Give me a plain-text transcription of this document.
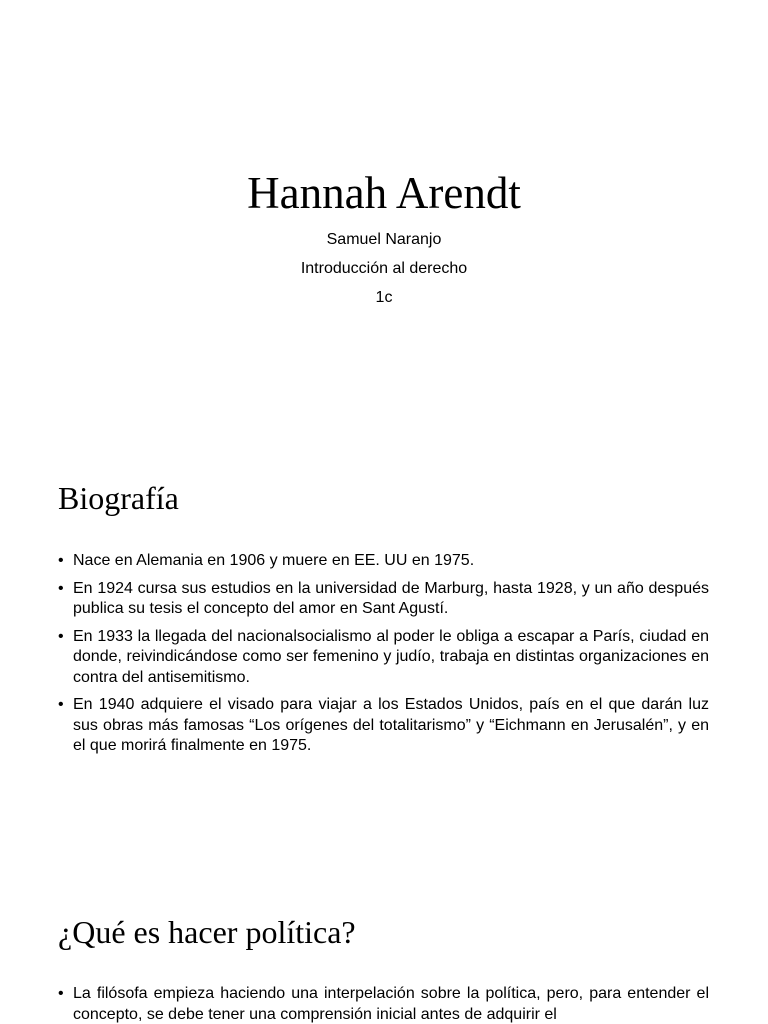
Hannah Arendt

Samuel Naranjo

Introducción al derecho

1c

Biografía
• Nace en Alemania en 1906 y muere en EE. UU en 1975.
• En 1924 cursa sus estudios en la universidad de Marburg, hasta 1928, y un año después publica su tesis el concepto del amor en Sant Agustí.
• En 1933 la llegada del nacionalsocialismo al poder le obliga a escapar a París, ciudad en donde, reivindicándose como ser femenino y judío, trabaja en distintas organizaciones en contra del antisemitismo.
• En 1940 adquiere el visado para viajar a los Estados Unidos, país en el que darán luz sus obras más famosas “Los orígenes del totalitarismo” y “Eichmann en Jerusalén”, y en el que morirá finalmente en 1975.
¿Qué es hacer política?
• La filósofa empieza haciendo una interpelación sobre la política, pero, para entender el concepto, se debe tener una comprensión inicial antes de adquirir el
